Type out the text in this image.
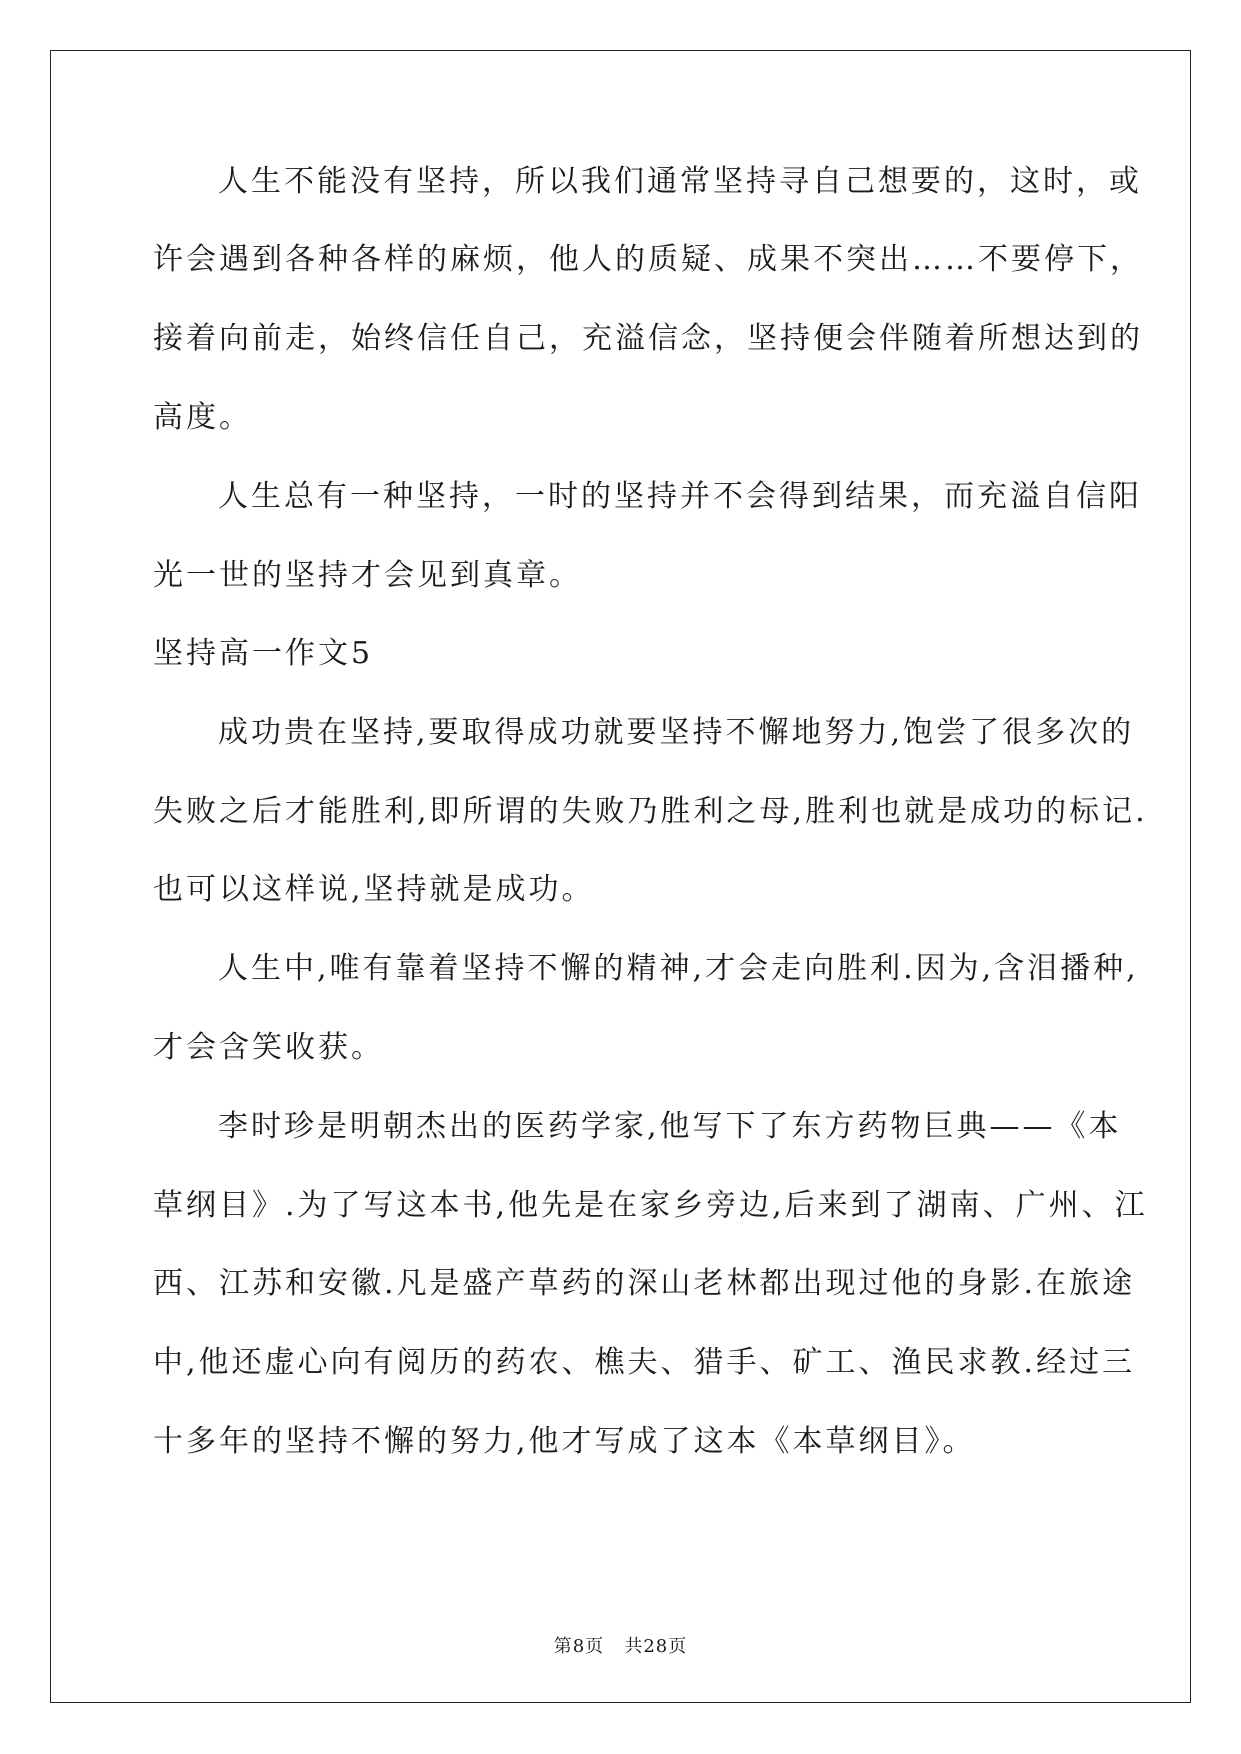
人生不能没有坚持，所以我们通常坚持寻自己想要的，这时，或
许会遇到各种各样的麻烦，他人的质疑、成果不突出……不要停下，
接着向前走，始终信任自己，充溢信念，坚持便会伴随着所想达到的
高度。
人生总有一种坚持，一时的坚持并不会得到结果，而充溢自信阳
光一世的坚持才会见到真章。
坚持高一作文5
成功贵在坚持,要取得成功就要坚持不懈地努力,饱尝了很多次的
失败之后才能胜利,即所谓的失败乃胜利之母,胜利也就是成功的标记.
也可以这样说,坚持就是成功。
人生中,唯有靠着坚持不懈的精神,才会走向胜利.因为,含泪播种,
才会含笑收获。
李时珍是明朝杰出的医药学家,他写下了东方药物巨典——《本
草纲目》.为了写这本书,他先是在家乡旁边,后来到了湖南、广州、江
西、江苏和安徽.凡是盛产草药的深山老林都出现过他的身影.在旅途
中,他还虚心向有阅历的药农、樵夫、猎手、矿工、渔民求教.经过三
十多年的坚持不懈的努力,他才写成了这本《本草纲目》。
第8页   共28页
